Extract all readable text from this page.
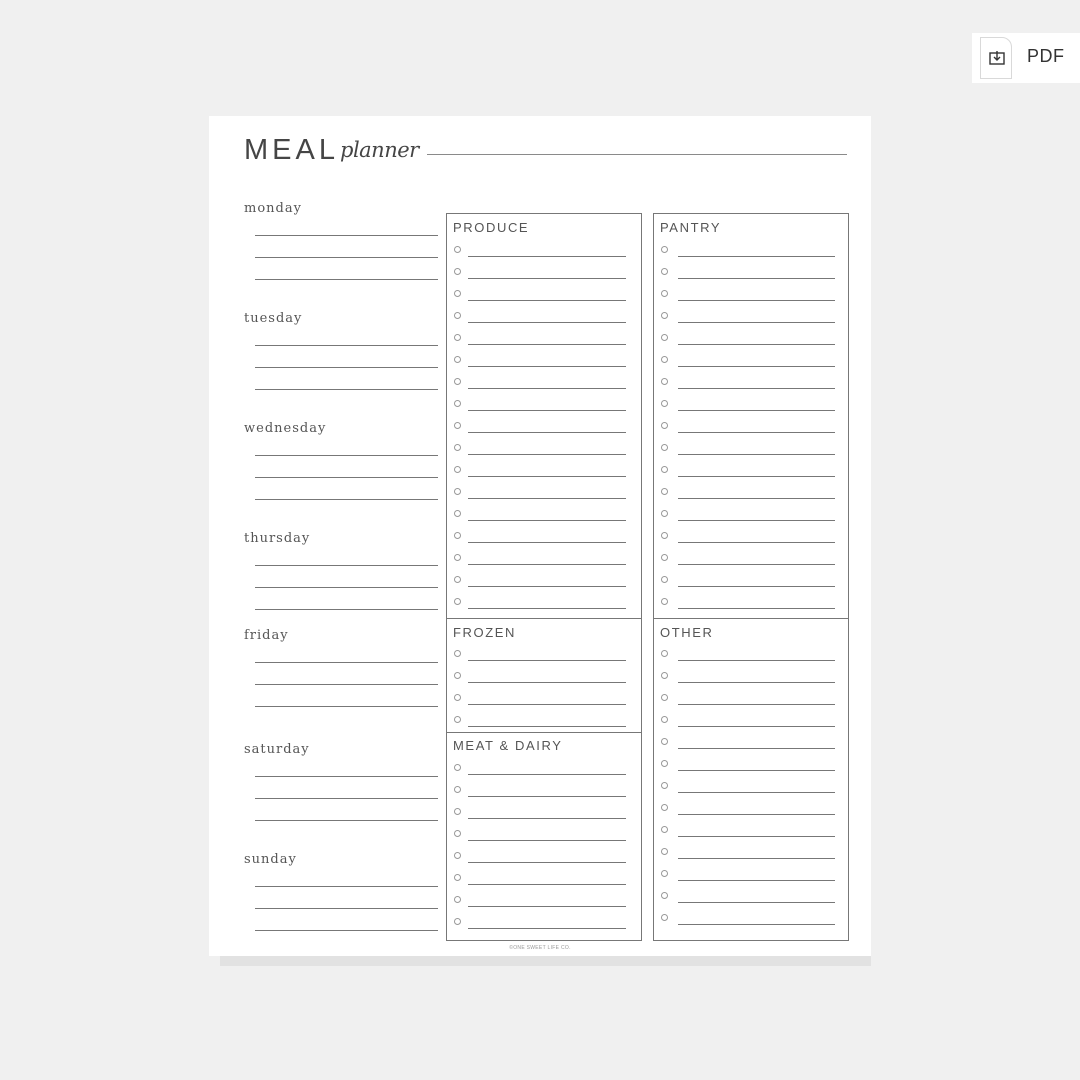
PDF
MEAL planner
PRODUCE	PANTRY
FROZEN
MEAT & DAIRY
OTHER
©ONE SWEET LIFE CO.
monday
tuesday
wednesday
thursday
friday
saturday
sunday
